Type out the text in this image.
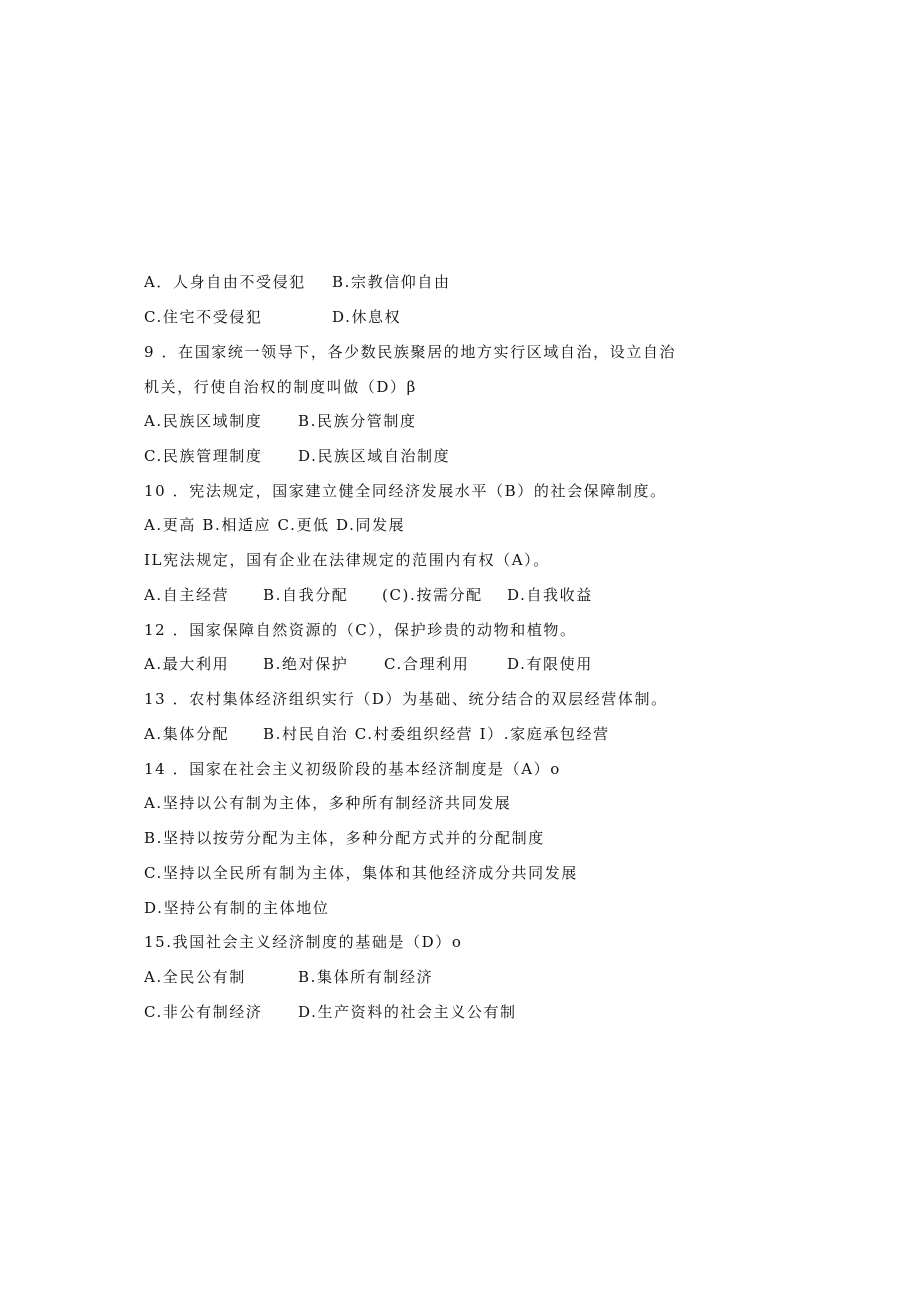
A．人身自由不受侵犯 B.宗教信仰自由
C.住宅不受侵犯	D.休息权
9 ．在国家统一领导下，各少数民族聚居的地方实行区域自治，设立自治
机关，行使自治权的制度叫做（D）β
A.民族区域制度 B.民族分管制度
C.民族管理制度 D.民族区域自治制度
10 ．宪法规定，国家建立健全同经济发展水平（B）的社会保障制度。
A.更高 B.相适应 C.更低 D.同发展
IL宪法规定，国有企业在法律规定的范围内有权（A）。
A.自主经营 B.自我分配 (C).按需分配 D.自我收益
12 ．国家保障自然资源的（C），保护珍贵的动物和植物。
A.最大利用 B.绝对保护 C.合理利用	D.有限使用
13 ．农村集体经济组织实行（D）为基础、统分结合的双层经营体制。
A.集体分配 B.村民自治 C.村委组织经营 I）.家庭承包经营
14 ．国家在社会主义初级阶段的基本经济制度是（A）o
A.坚持以公有制为主体，多种所有制经济共同发展
B.坚持以按劳分配为主体，多种分配方式并的分配制度
C.坚持以全民所有制为主体，集体和其他经济成分共同发展
D.坚持公有制的主体地位
15.我国社会主义经济制度的基础是（D）o
A.全民公有制	B.集体所有制经济
C.非公有制经济 D.生产资料的社会主义公有制
